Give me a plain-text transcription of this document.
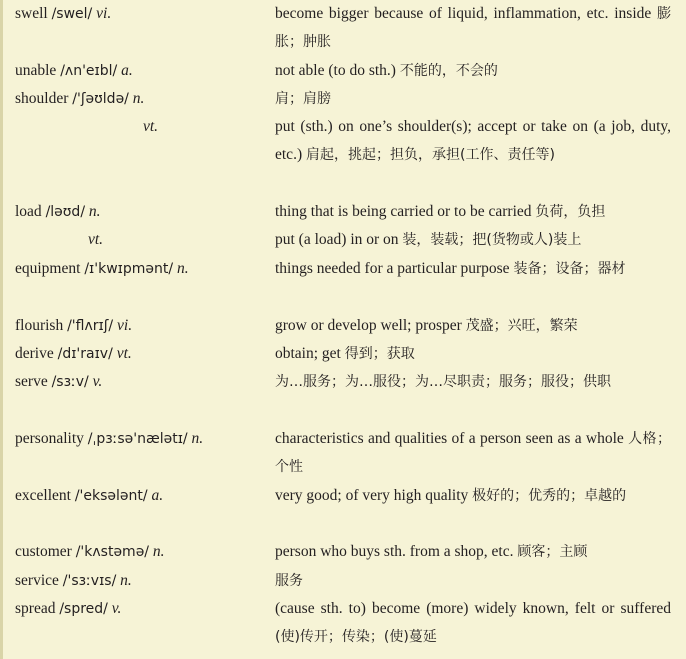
swell /swel/ vi.	become bigger because of liquid, inflammation, etc. inside 膨胀；肿胀
unable /ʌn'eɪbl/ a.	not able (to do sth.) 不能的，不会的
shoulder /'ʃəʊldə/ n.	肩；肩膀
vt.	put (sth.) on one’s shoulder(s); accept or take on (a job, duty, etc.) 肩起，挑起；担负，承担(工作、责任等)
load /ləʊd/ n.	thing that is being carried or to be carried 负荷，负担
vt.	put (a load) in or on 装，装载；把(货物或人)装上
equipment /ɪ'kwɪpmənt/ n.	things needed for a particular purpose 装备；设备；器材
flourish /'flʌrɪʃ/ vi.	grow or develop well; prosper 茂盛；兴旺，繁荣
derive /dɪ'raɪv/ vt.	obtain; get 得到；获取
serve /sɜːv/ v.	为…服务；为…服役；为…尽职责；服务；服役；供职
personality /ˌpɜːsə'nælətɪ/ n.	characteristics and qualities of a person seen as a whole 人格；个性
excellent /'eksələnt/ a.	very good; of very high quality 极好的；优秀的；卓越的
customer /'kʌstəmə/ n.	person who buys sth. from a shop, etc. 顾客；主顾
service /'sɜːvɪs/ n.	服务
spread /spred/ v.	(cause sth. to) become (more) widely known, felt or suffered (使)传开；传染；(使)蔓延
